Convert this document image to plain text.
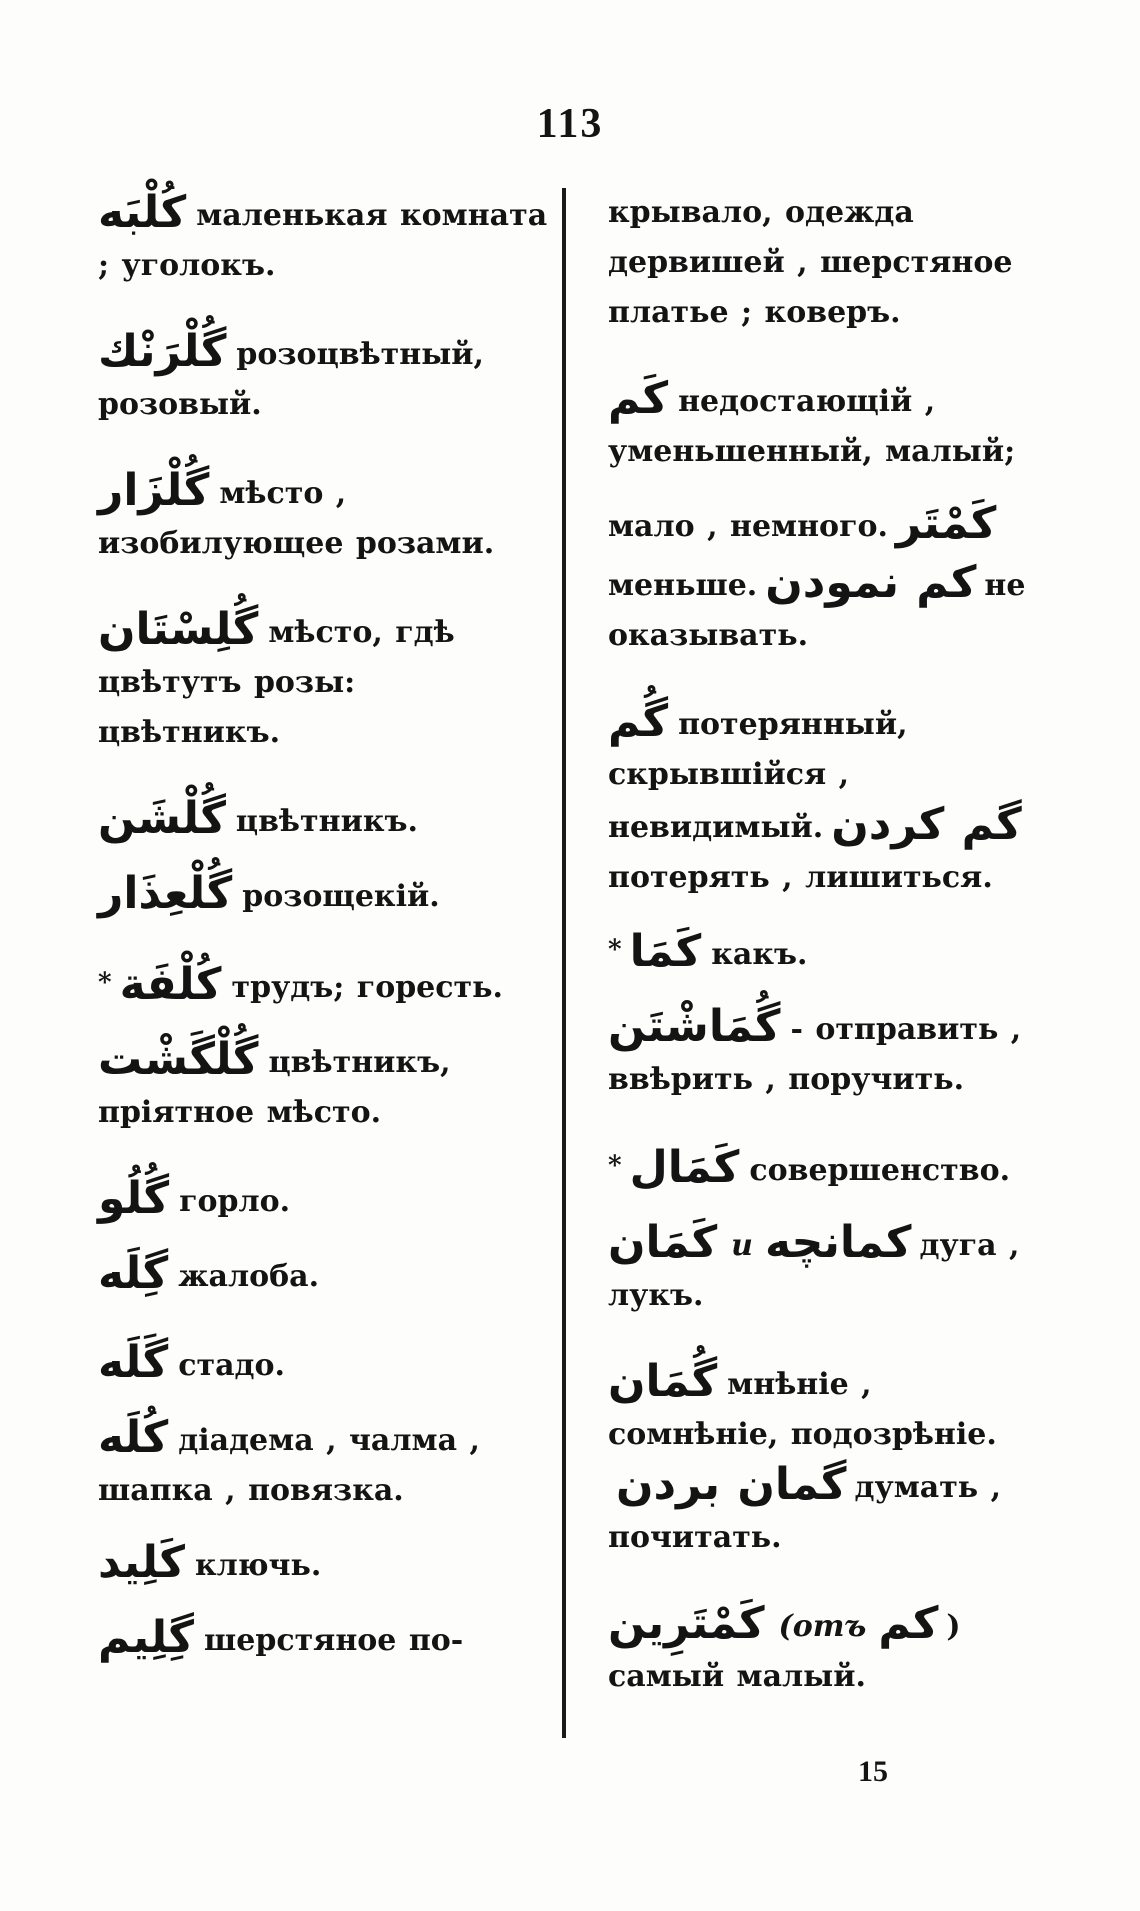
113
کُلْبَه маленькая комната ; уголокъ.
گُلْرَنْك розоцвѣтный, розовый.
گُلْزَار мѣсто , изобилующее розами.
گُلِسْتَان мѣсто, гдѣ цвѣтутъ розы: цвѣтникъ.
گُلْشَن цвѣтникъ.
گُلْعِذَار розощекій.
* كُلْفَة трудъ; горесть.
گُلْگَشْت цвѣтникъ, пріятное мѣсто.
گُلُو горло.
گِلَه жалоба.
گَلَه стадо.
كُلَه діадема , чалма , шапка , повязка.
كَلِيد ключь.
گِلِيم шерстяное по-
крывало, одежда дервишей , шерстяное платье ; коверъ.
كَم недостающій , уменьшенный, малый;
мало , немного. كَمْتَر
меньше. كم نمودن не оказывать.
گُم потерянный, скрывшійся , невидимый. گم كردنпотерять , лишиться.
* كَمَا какъ.
گُمَاشْتَن - отправить , ввѣрить , поручить.
* كَمَال совершенство.
كَمَان и كمانچه дуга , лукъ.
گُمَان мнѣніе , сомнѣніе, подозрѣніе.گمان بردن думать , почитать.
كَمْتَرِين (отъ كم ) самый малый.
15
